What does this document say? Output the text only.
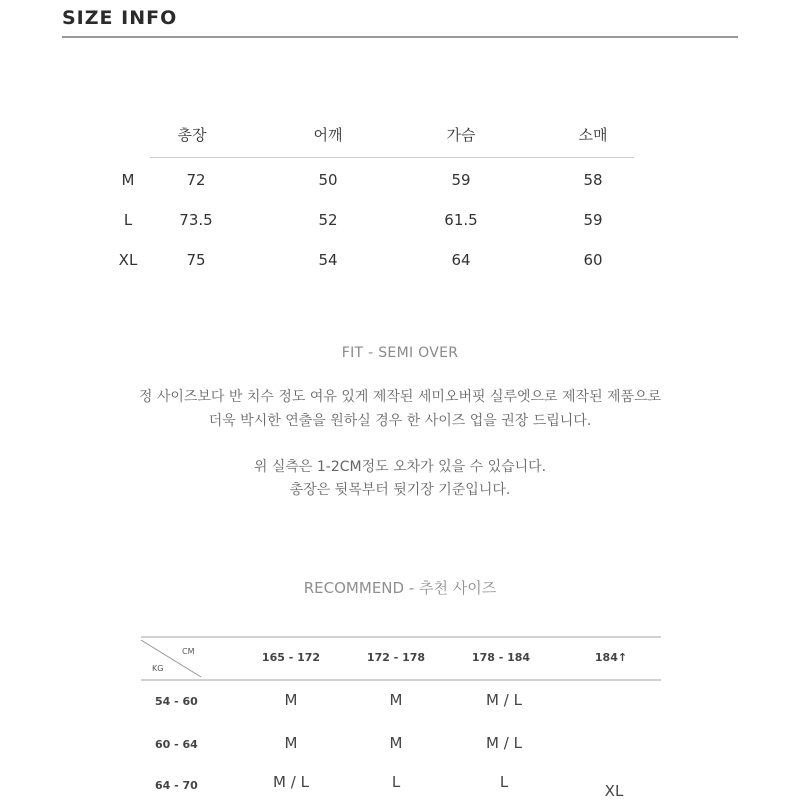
SIZE INFO
총장	어깨	가슴	소매
M	72	50	59	58
L	73.5	52	61.5	59
XL	75	54	64	60
FIT - SEMI OVER
정 사이즈보다 반 치수 정도 여유 있게 제작된 세미오버핏 실루엣으로 제작된 제품으로
더욱 박시한 연출을 원하실 경우 한 사이즈 업을 권장 드립니다.
위 실측은 1-2CM정도 오차가 있을 수 있습니다.
총장은 뒷목부터 뒷기장 기준입니다.
RECOMMEND - 추천 사이즈
CM
KG
165 - 172	172 - 178	178 - 184	184↑
54 - 60	M	M	M / L
60 - 64	M	M	M / L
64 - 70	M / L	L	L	XL
